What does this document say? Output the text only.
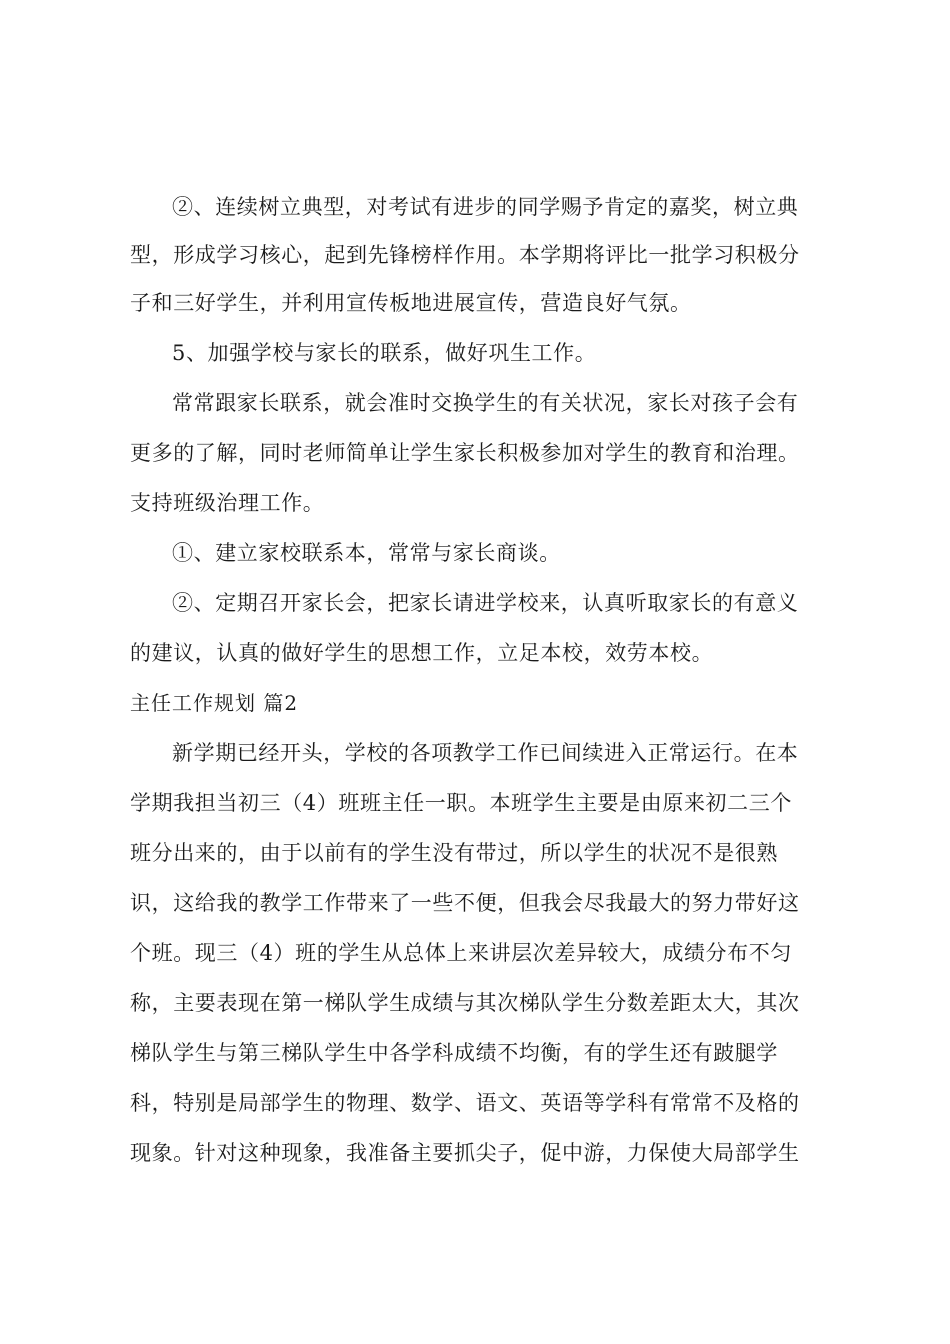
②、连续树立典型，对考试有进步的同学赐予肯定的嘉奖，树立典
型，形成学习核心，起到先锋榜样作用。本学期将评比一批学习积极分
子和三好学生，并利用宣传板地进展宣传，营造良好气氛。
5、加强学校与家长的联系，做好巩生工作。
常常跟家长联系，就会准时交换学生的有关状况，家长对孩子会有
更多的了解，同时老师简单让学生家长积极参加对学生的教育和治理。
支持班级治理工作。
①、建立家校联系本，常常与家长商谈。
②、定期召开家长会，把家长请进学校来，认真听取家长的有意义
的建议，认真的做好学生的思想工作，立足本校，效劳本校。
主任工作规划 篇2
新学期已经开头，学校的各项教学工作已间续进入正常运行。在本
学期我担当初三（4）班班主任一职。本班学生主要是由原来初二三个
班分出来的，由于以前有的学生没有带过，所以学生的状况不是很熟
识，这给我的教学工作带来了一些不便，但我会尽我最大的努力带好这
个班。现三（4）班的学生从总体上来讲层次差异较大，成绩分布不匀
称，主要表现在第一梯队学生成绩与其次梯队学生分数差距太大，其次
梯队学生与第三梯队学生中各学科成绩不均衡，有的学生还有跛腿学
科，特别是局部学生的物理、数学、语文、英语等学科有常常不及格的
现象。针对这种现象，我准备主要抓尖子，促中游，力保使大局部学生
